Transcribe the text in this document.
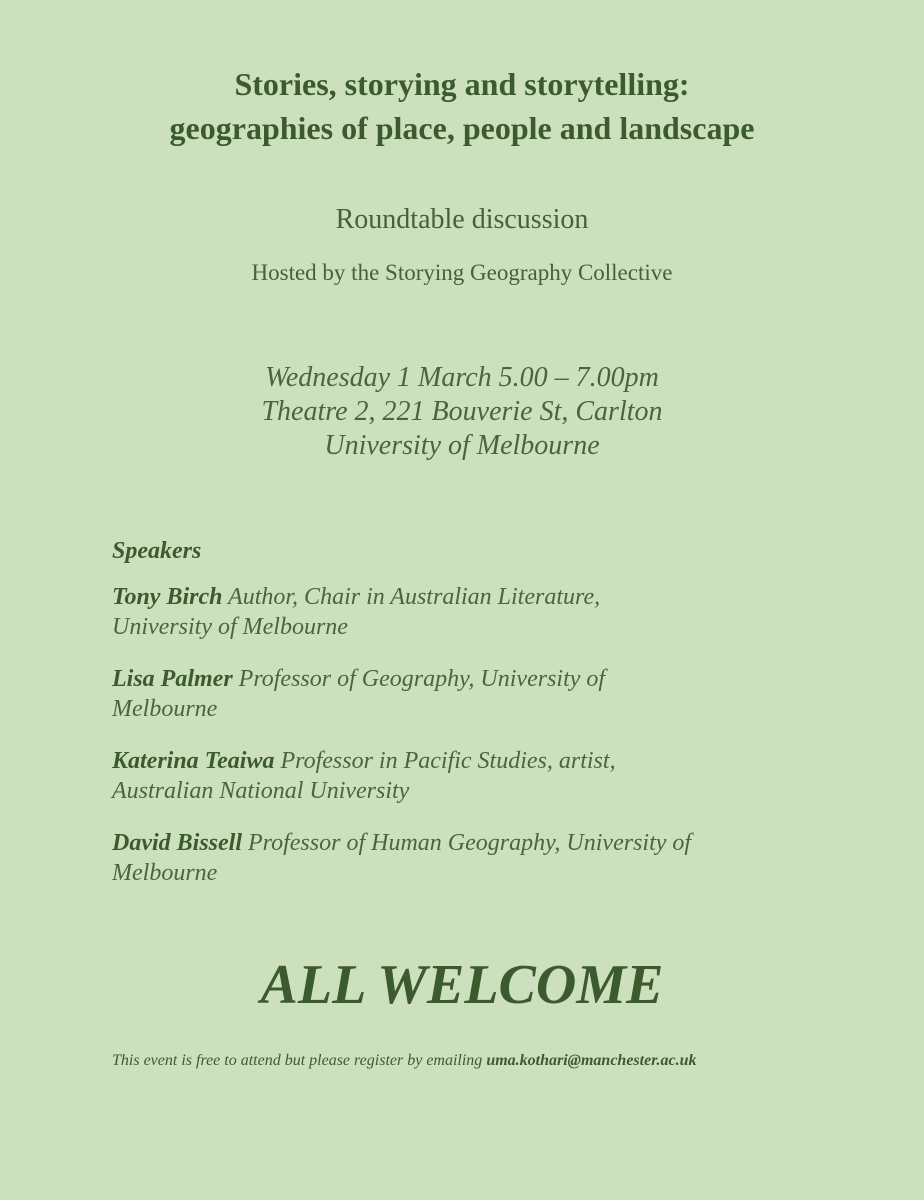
Stories, storying and storytelling:
geographies of place, people and landscape
Roundtable discussion
Hosted by the Storying Geography Collective
Wednesday 1 March 5.00 – 7.00pm
Theatre 2, 221 Bouverie St, Carlton
University of Melbourne
Speakers
Tony Birch Author, Chair in Australian Literature,
University of Melbourne
Lisa Palmer Professor of Geography, University of
Melbourne
Katerina Teaiwa Professor in Pacific Studies, artist,
Australian National University
David Bissell Professor of Human Geography, University of
Melbourne
ALL WELCOME
This event is free to attend but please register by emailing uma.kothari@manchester.ac.uk
